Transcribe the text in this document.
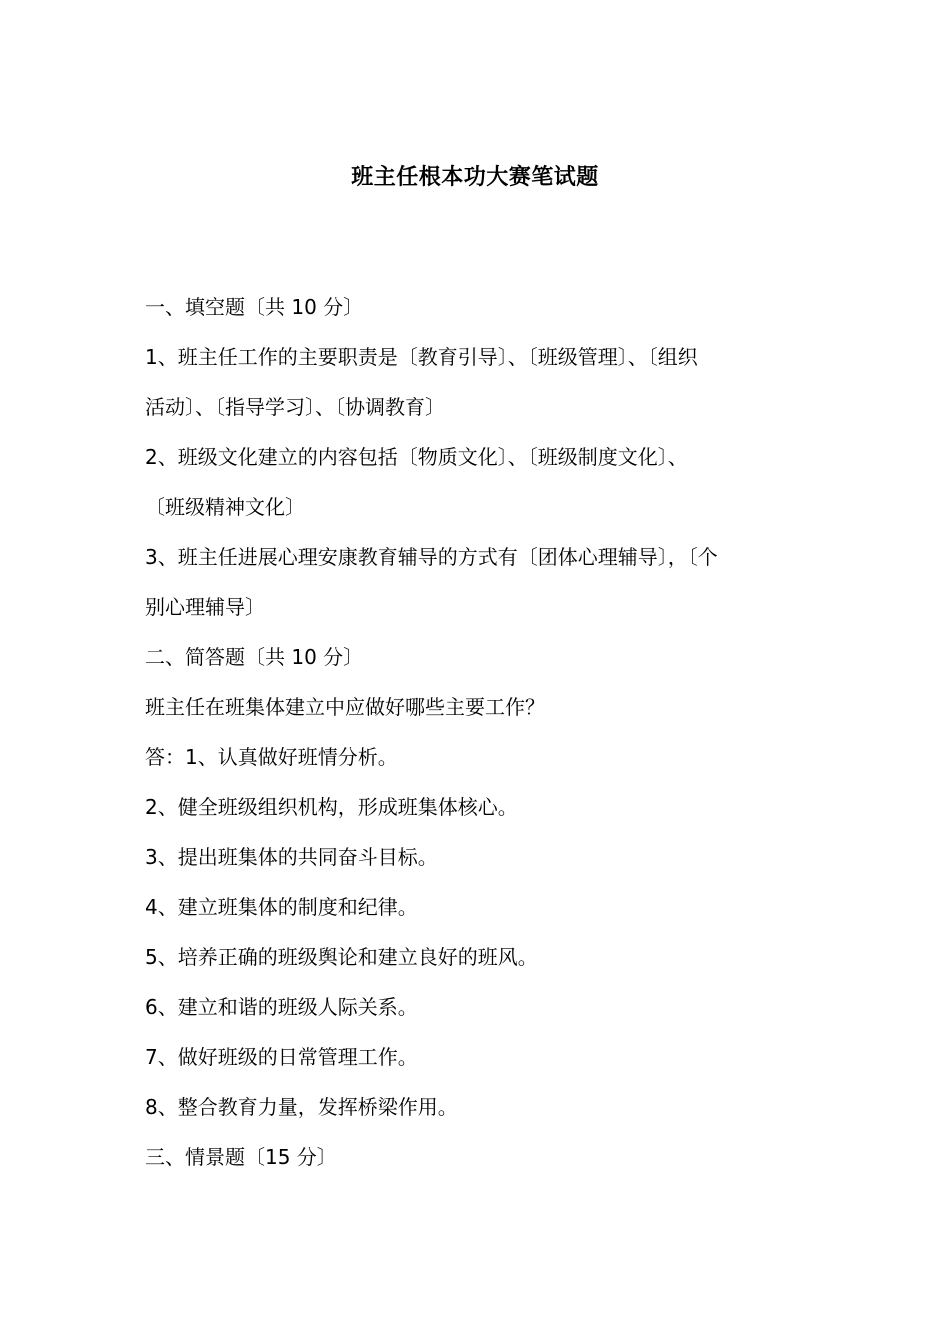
班主任根本功大赛笔试题
一、填空题〔共 10 分〕
1、班主任工作的主要职责是〔教育引导〕、〔班级管理〕、〔组织
活动〕、〔指导学习〕、〔协调教育〕
2、班级文化建立的内容包括〔物质文化〕、〔班级制度文化〕、
〔班级精神文化〕
3、班主任进展心理安康教育辅导的方式有〔团体心理辅导〕，〔个
别心理辅导〕
二、简答题〔共 10 分〕
班主任在班集体建立中应做好哪些主要工作？
答：1、认真做好班情分析。
2、健全班级组织机构，形成班集体核心。
3、提出班集体的共同奋斗目标。
4、建立班集体的制度和纪律。
5、培养正确的班级舆论和建立良好的班风。
6、建立和谐的班级人际关系。
7、做好班级的日常管理工作。
8、整合教育力量，发挥桥梁作用。
三、情景题〔15 分〕
